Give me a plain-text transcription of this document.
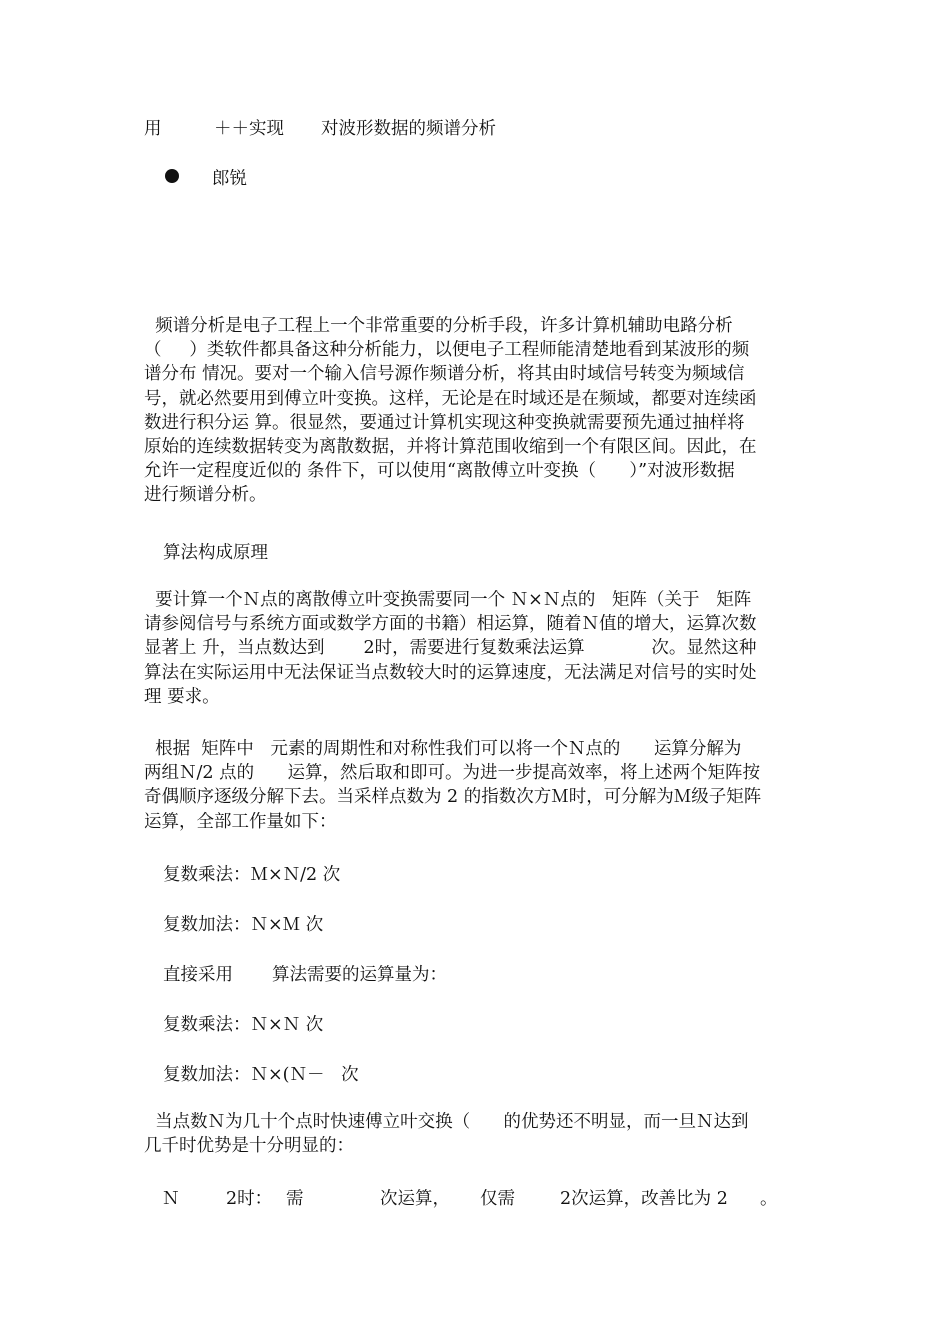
用	＋＋实现 对波形数据的频谱分析
郎锐
频谱分析是电子工程上一个非常重要的分析手段，许多计算机辅助电路分析
（     ）类软件都具备这种分析能力，以便电子工程师能清楚地看到某波形的频
谱分布 情况。要对一个输入信号源作频谱分析，将其由时域信号转变为频域信
号，就必然要用到傅立叶变换。这样，无论是在时域还是在频域，都要对连续函
数进行积分运 算。很显然，要通过计算机实现这种变换就需要预先通过抽样将
原始的连续数据转变为离散数据，并将计算范围收缩到一个有限区间。因此，在
允许一定程度近似的 条件下，可以使用“离散傅立叶变换（      ）”对波形数据
进行频谱分析。
算法构成原理
要计算一个Ｎ点的离散傅立叶变换需要同一个 Ｎ×Ｎ点的   矩阵（关于   矩阵
请参阅信号与系统方面或数学方面的书籍）相运算，随着Ｎ值的增大，运算次数
显著上 升，当点数达到       2时，需要进行复数乘法运算            次。显然这种
算法在实际运用中无法保证当点数较大时的运算速度，无法满足对信号的实时处
理 要求。
根据  矩阵中   元素的周期性和对称性我们可以将一个Ｎ点的      运算分解为
两组Ｎ/2 点的      运算，然后取和即可。为进一步提高效率，将上述两个矩阵按
奇偶顺序逐级分解下去。当采样点数为 2 的指数次方Ｍ时，可分解为Ｍ级子矩阵
运算，全部工作量如下：
复数乘法：Ｍ×Ｎ/2 次
复数加法：Ｎ×Ｍ 次
直接采用       算法需要的运算量为：
复数乘法：Ｎ×Ｎ 次
复数加法：Ｎ×(Ｎ－   次
当点数Ｎ为几十个点时快速傅立叶交换（      的优势还不明显，而一旦Ｎ达到
几千时优势是十分明显的：
Ｎ	2时： 需	次运算， 仅需	2次运算，改善比为 2 。
